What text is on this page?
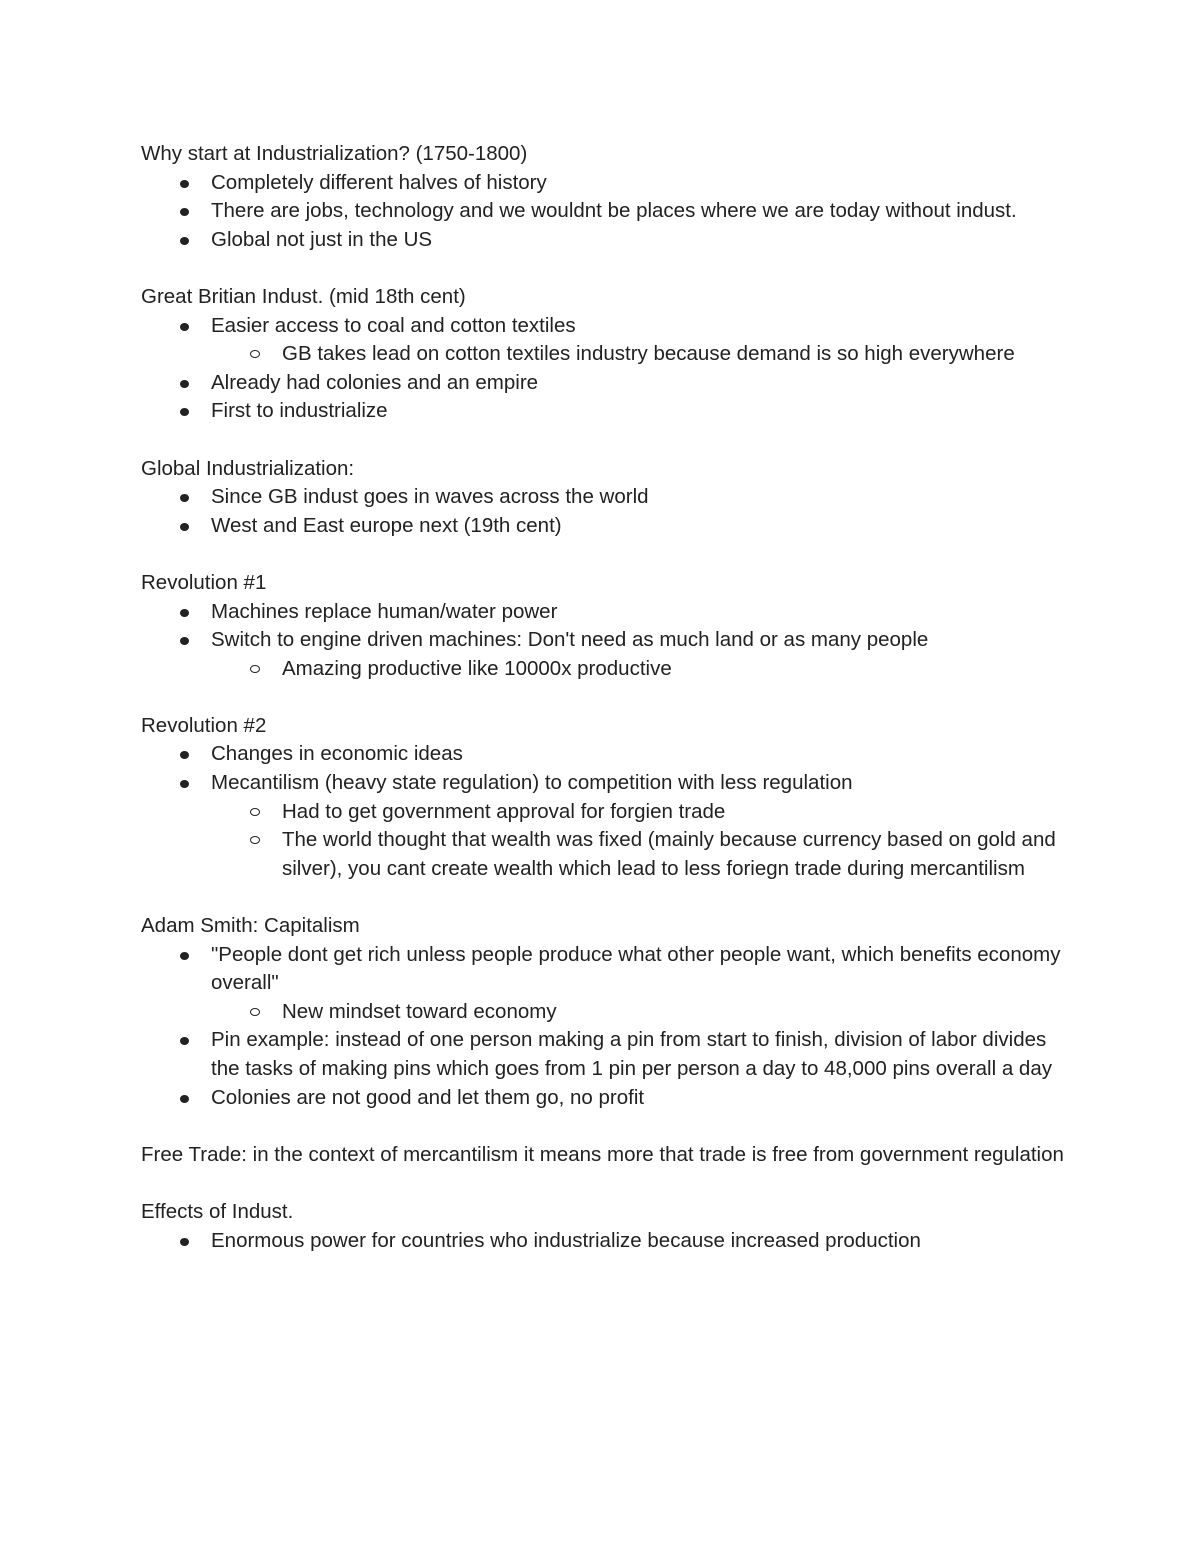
Why start at Industrialization? (1750-1800)

Completely different halves of history
There are jobs, technology and we wouldnt be places where we are today without indust.
Global not just in the US

Great Britian Indust. (mid 18th cent)

Easier access to coal and cotton textiles
GB takes lead on cotton textiles industry because demand is so high everywhere
Already had colonies and an empire
First to industrialize

Global Industrialization:

Since GB indust goes in waves across the world
West and East europe next (19th cent)

Revolution #1

Machines replace human/water power
Switch to engine driven machines: Don't need as much land or as many people
Amazing productive like 10000x productive

Revolution #2

Changes in economic ideas
Mecantilism (heavy state regulation) to competition with less regulation
Had to get government approval for forgien trade
The world thought that wealth was fixed (mainly because currency based on gold and silver), you cant create wealth which lead to less foriegn trade during mercantilism

Adam Smith: Capitalism

"People dont get rich unless people produce what other people want, which benefits economy overall"
New mindset toward economy
Pin example: instead of one person making a pin from start to finish, division of labor divides the tasks of making pins which goes from 1 pin per person a day to 48,000 pins overall a day
Colonies are not good and let them go, no profit

Free Trade: in the context of mercantilism it means more that trade is free from government regulation

Effects of Indust.

Enormous power for countries who industrialize because increased production
